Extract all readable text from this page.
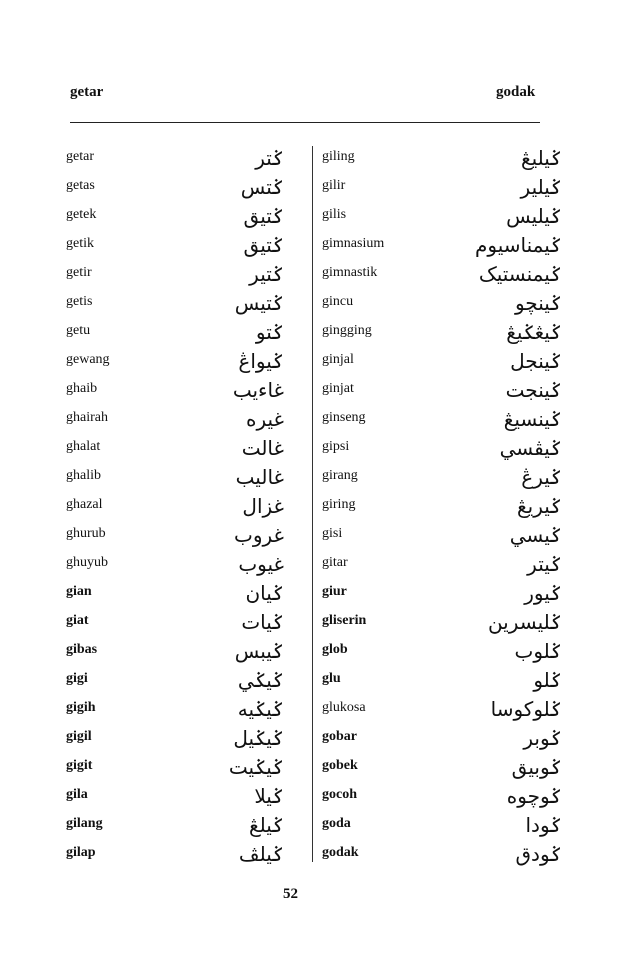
getar	godak
getar	ݢتر
getas	ݢتس
getek	ݢتيق
getik	ݢتيق
getir	ݢتير
getis	ݢتيس
getu	ݢتو
gewang	ݢيواڠ
ghaib	غاءيب
ghairah	غيره
ghalat	غالت
ghalib	غاليب
ghazal	غزال
ghurub	غروب
ghuyub	غيوب
gian	ݢيان
giat	ݢيات
gibas	ݢيبس
gigi	ݢيݢي
gigih	ݢيݢيه
gigil	ݢيݢيل
gigit	ݢيݢيت
gila	ݢيلا
gilang	ݢيلڠ
gilap	ݢيلڤ
giling	ݢيليڠ
gilir	ݢيلير
gilis	ݢيليس
gimnasium	ݢيمناسيوم
gimnastik	ݢيمنستيک
gincu	ݢينچو
gingging	ݢيڠݢيڠ
ginjal	ݢينجل
ginjat	ݢينجت
ginseng	ݢينسيڠ
gipsi	ݢيڤسي
girang	ݢيرڠ
giring	ݢيريڠ
gisi	ݢيسي
gitar	ݢيتر
giur	ݢيور
gliserin	ݢليسرين
glob	ݢلوب
glu	ݢلو
glukosa	ݢلوکوسا
gobar	ݢوبر
gobek	ݢوبيق
gocoh	ݢوچوه
goda	ݢودا
godak	ݢودق
52
